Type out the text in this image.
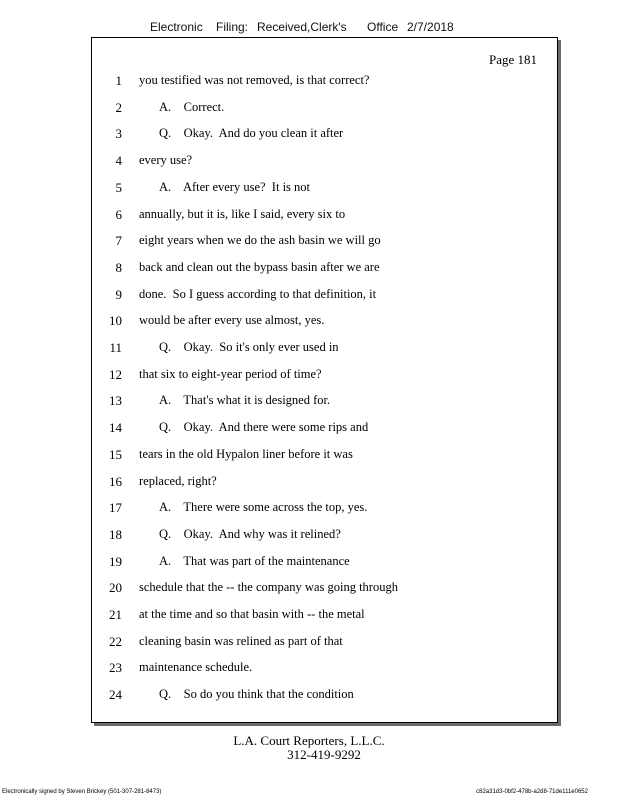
Electronic Filing: Received,Clerk's Office 2/7/2018
Page 181
1 you testified was not removed, is that correct?
2	A.    Correct.
3	Q.    Okay.  And do you clean it after
4 every use?
5	A.    After every use?  It is not
6 annually, but it is, like I said, every six to
7 eight years when we do the ash basin we will go
8 back and clean out the bypass basin after we are
9 done.  So I guess according to that definition, it
10 would be after every use almost, yes.
11	Q.    Okay.  So it's only ever used in
12 that six to eight-year period of time?
13	A.    That's what it is designed for.
14	Q.    Okay.  And there were some rips and
15 tears in the old Hypalon liner before it was
16 replaced, right?
17	A.    There were some across the top, yes.
18	Q.    Okay.  And why was it relined?
19	A.    That was part of the maintenance
20 schedule that the -- the company was going through
21 at the time and so that basin with -- the metal
22 cleaning basin was relined as part of that
23 maintenance schedule.
24	Q.    So do you think that the condition
L.A. Court Reporters, L.L.C.
312-419-9292
Electronically signed by Steven Brickey (501-307-281-8473)	c82a31d3-0bf2-478b-a2d8-71de111e0652
